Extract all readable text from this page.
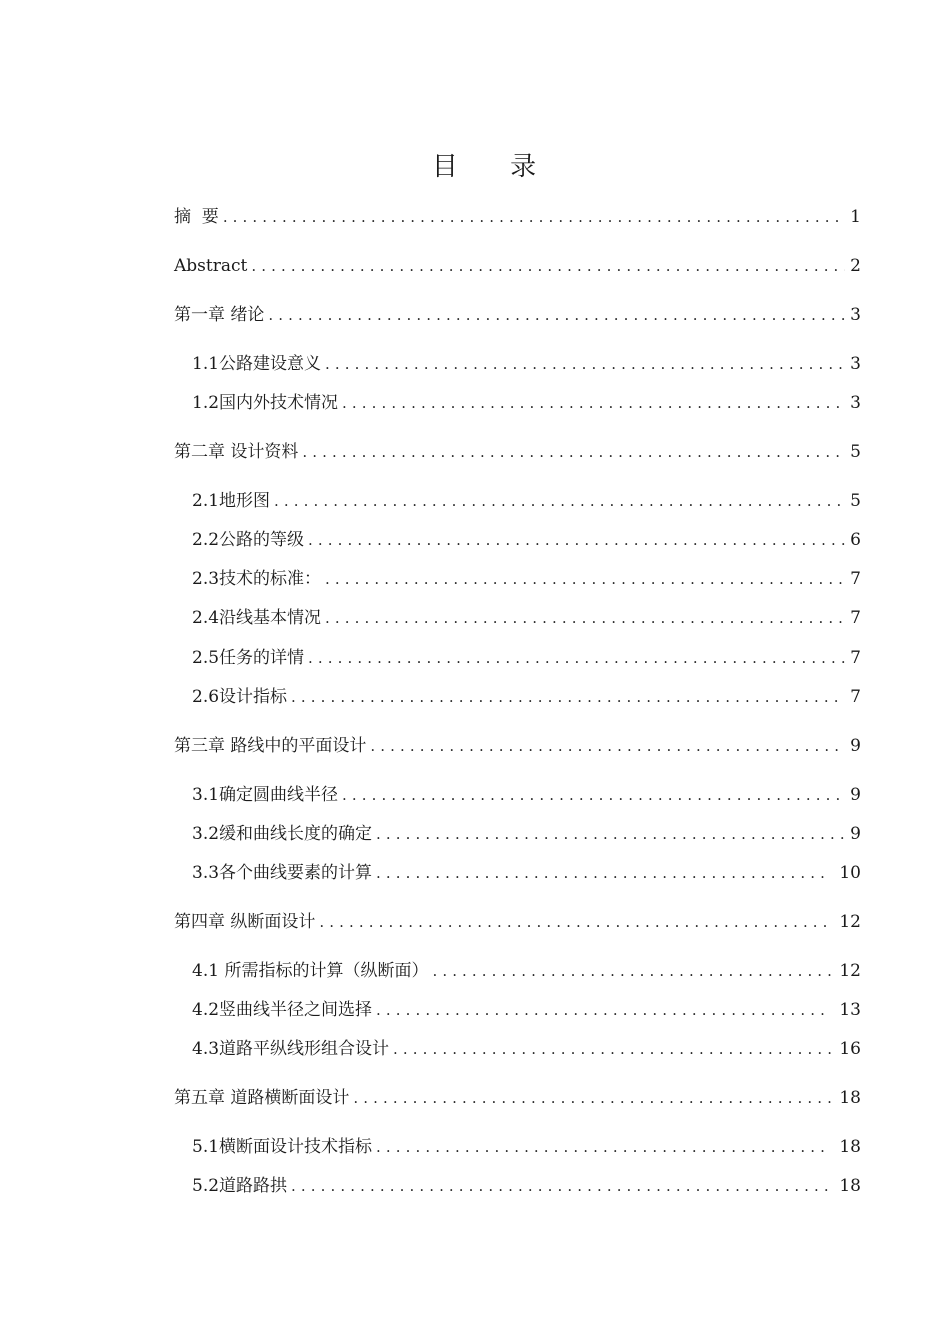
目 录
摘  要 .....	1
Abstract .....	2
第一章 绪论 .....	3
1.1公路建设意义 .....	3
1.2国内外技术情况 .....	3
第二章 设计资料 .....	5
2.1地形图 .....	5
2.2公路的等级 .....	6
2.3技术的标准： .....	7
2.4沿线基本情况 .....	7
2.5任务的详情 .....	7
2.6设计指标 .....	7
第三章 路线中的平面设计 .....	9
3.1确定圆曲线半径 .....	9
3.2缓和曲线长度的确定 .....	9
3.3各个曲线要素的计算 .....	10
第四章 纵断面设计 .....	12
4.1 所需指标的计算（纵断面） .....	12
4.2竖曲线半径之间选择 .....	13
4.3道路平纵线形组合设计 .....	16
第五章 道路横断面设计 .....	18
5.1横断面设计技术指标 .....	18
5.2道路路拱 .....	18
